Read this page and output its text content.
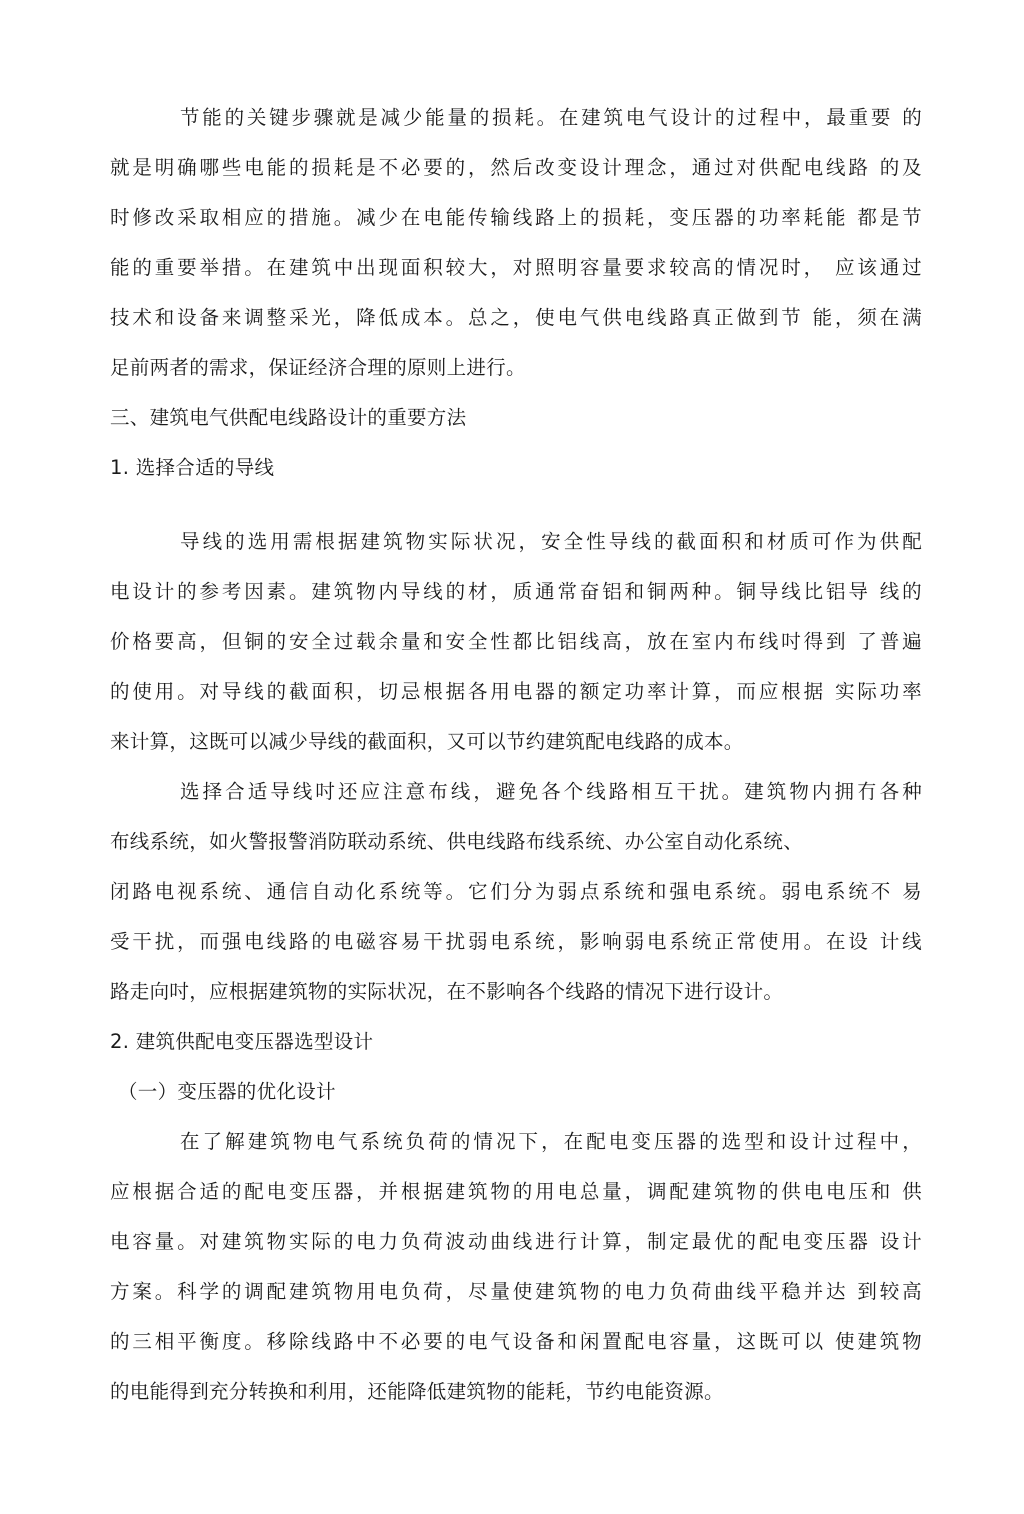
节能的关键步骤就是减少能量的损耗。在建筑电气设计的过程中，最重要 的
就是明确哪些电能的损耗是不必要的，然后改变设计理念，通过对供配电线路 的及
时修改采取相应的措施。减少在电能传输线路上的损耗，变压器的功率耗能 都是节
能的重要举措。在建筑中出现面积较大，对照明容量要求较高的情况时， 应该通过
技术和设备来调整采光，降低成本。总之，使电气供电线路真正做到节 能，须在满
足前两者的需求，保证经济合理的原则上进行。
三、建筑电气供配电线路设计的重要方法
1. 选择合适的导线
导线的选用需根据建筑物实际状况，安全性导线的截面积和材质可作为供配
电设计的参考因素。建筑物内导线的材，质通常奋铝和铜两种。铜导线比铝导 线的
价格要高，但铜的安全过载余量和安全性都比铝线高，放在室内布线吋得到 了普遍
的使用。对导线的截面积，切忌根据各用电器的额定功率计算，而应根据 实际功率
来计算，这既可以减少导线的截面积，又可以节约建筑配电线路的成本。
选择合适导线吋还应注意布线，避免各个线路相互干扰。建筑物内拥冇各种
布线系统，如火警报警消防联动系统、供电线路布线系统、办公室自动化系统、
闭路电视系统、通信自动化系统等。它们分为弱点系统和强电系统。弱电系统不 易
受干扰，而强电线路的电磁容易干扰弱电系统，影响弱电系统正常使用。在设 计线
路走向吋，应根据建筑物的实际状况，在不影响各个线路的情况下进行设计。
2. 建筑供配电变压器选型设计
（一）变压器的优化设计
在了解建筑物电气系统负荷的情况下，在配电变压器的选型和设计过程中，
应根据合适的配电变压器，并根据建筑物的用电总量，调配建筑物的供电电压和 供
电容量。对建筑物实际的电力负荷波动曲线进行计算，制定最优的配电变压器 设计
方案。科学的调配建筑物用电负荷，尽量使建筑物的电力负荷曲线平稳并达 到较高
的三相平衡度。移除线路中不必要的电气设备和闲置配电容量，这既可以 使建筑物
的电能得到充分转换和利用，还能降低建筑物的能耗，节约电能资源。
